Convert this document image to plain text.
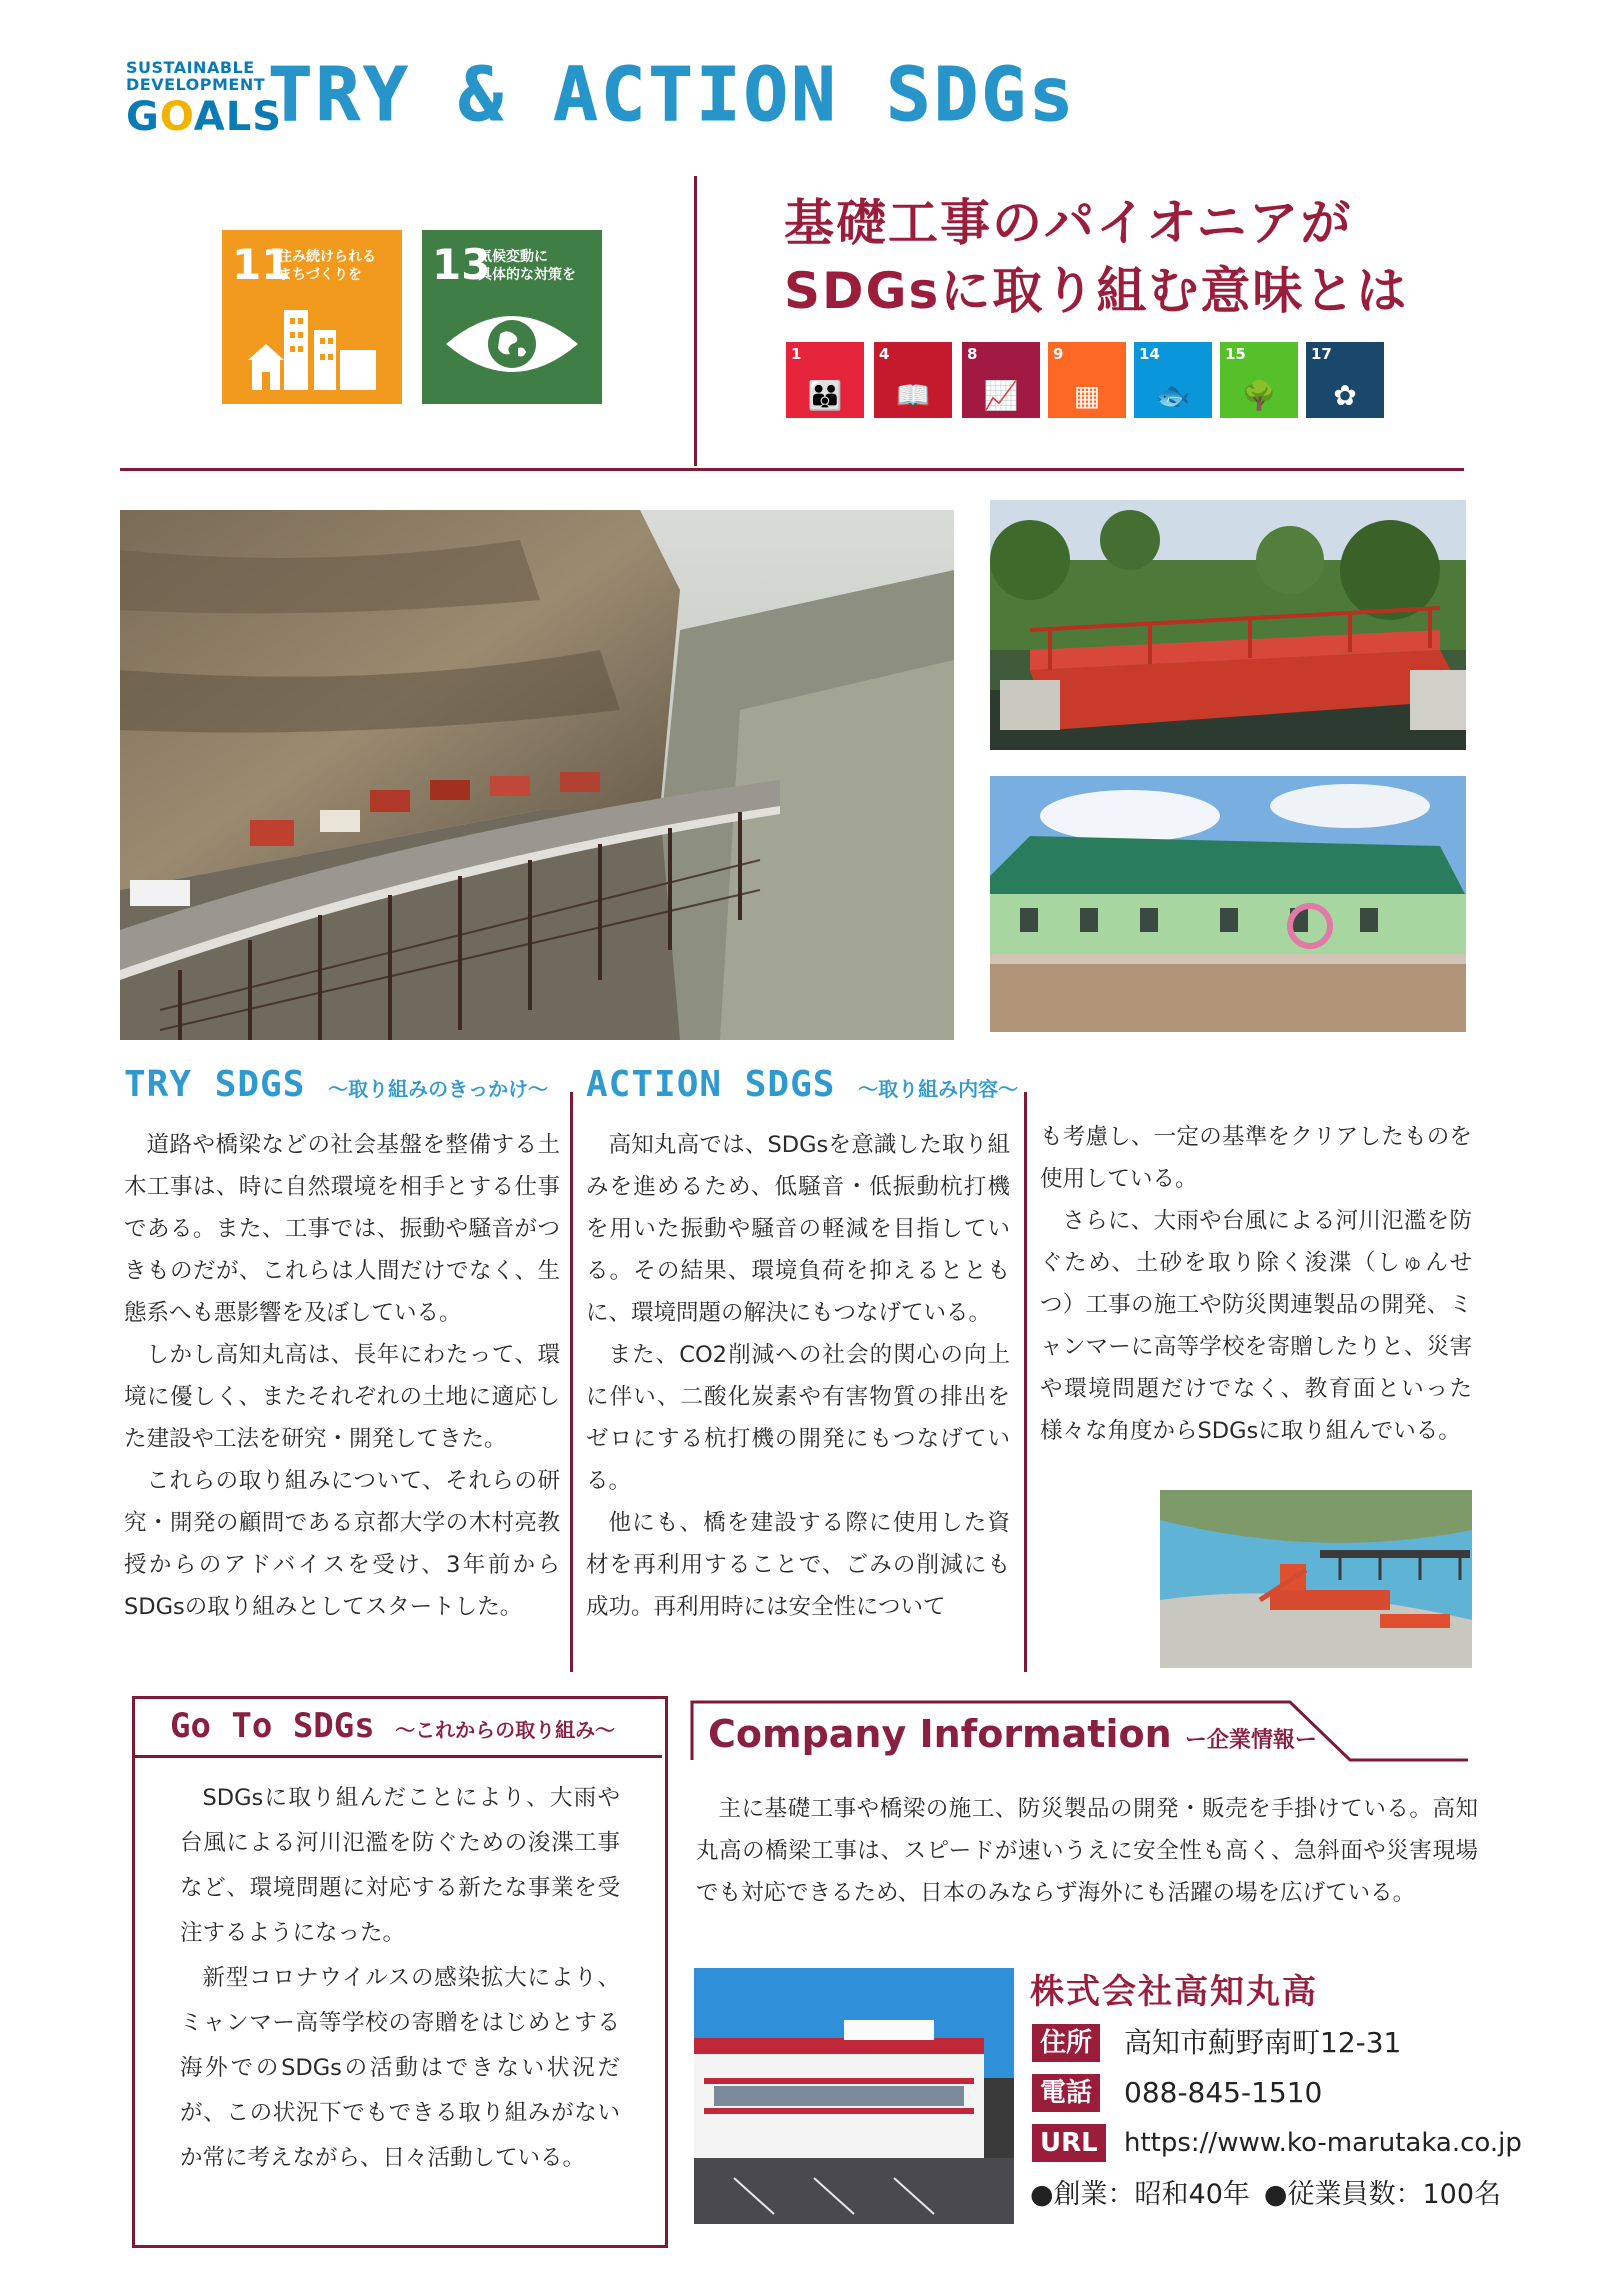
SUSTAINABLE
DEVELOPMENT
GOALS
TRY & ACTION SDGs
11
住み続けられる
まちづくりを	13
気候変動に
具体的な対策を
基礎工事のパイオニアが
SDGsに取り組む意味とは
1
👪
4
📖
8
📈
9
▦
14
🐟
15
🌳
17
✿
TRY SDGS 〜取り組みのきっかけ〜

道路や橋梁などの社会基盤を整備する土木工事は、時に自然環境を相手とする仕事である。また、工事では、振動や騒音がつきものだが、これらは人間だけでなく、生態系へも悪影響を及ぼしている。

しかし高知丸高は、長年にわたって、環境に優しく、またそれぞれの土地に適応した建設や工法を研究・開発してきた。

これらの取り組みについて、それらの研究・開発の顧問である京都大学の木村亮教授からのアドバイスを受け、3年前からSDGsの取り組みとしてスタートした。

ACTION SDGS 〜取り組み内容〜

高知丸高では、SDGsを意識した取り組みを進めるため、低騒音・低振動杭打機を用いた振動や騒音の軽減を目指している。その結果、環境負荷を抑えるとともに、環境問題の解決にもつなげている。

また、CO2削減への社会的関心の向上に伴い、二酸化炭素や有害物質の排出をゼロにする杭打機の開発にもつなげている。

他にも、橋を建設する際に使用した資材を再利用することで、ごみの削減にも成功。再利用時には安全性について

も考慮し、一定の基準をクリアしたものを使用している。

さらに、大雨や台風による河川氾濫を防ぐため、土砂を取り除く浚渫（しゅんせつ）工事の施工や防災関連製品の開発、ミャンマーに高等学校を寄贈したりと、災害や環境問題だけでなく、教育面といった様々な角度からSDGsに取り組んでいる。

Go To SDGs 〜これからの取り組み〜

SDGsに取り組んだことにより、大雨や台風による河川氾濫を防ぐための浚渫工事など、環境問題に対応する新たな事業を受注するようになった。

新型コロナウイルスの感染拡大により、ミャンマー高等学校の寄贈をはじめとする海外でのSDGsの活動はできない状況だが、この状況下でもできる取り組みがないか常に考えながら、日々活動している。

Company Information ー企業情報ー

主に基礎工事や橋梁の施工、防災製品の開発・販売を手掛けている。高知丸高の橋梁工事は、スピードが速いうえに安全性も高く、急斜面や災害現場でも対応できるため、日本のみならず海外にも活躍の場を広げている。

株式会社高知丸高
住所 高知市薊野南町12-31
電話 088-845-1510
URL	https://www.ko-marutaka.co.jp
●創業：昭和40年 ●従業員数：100名
